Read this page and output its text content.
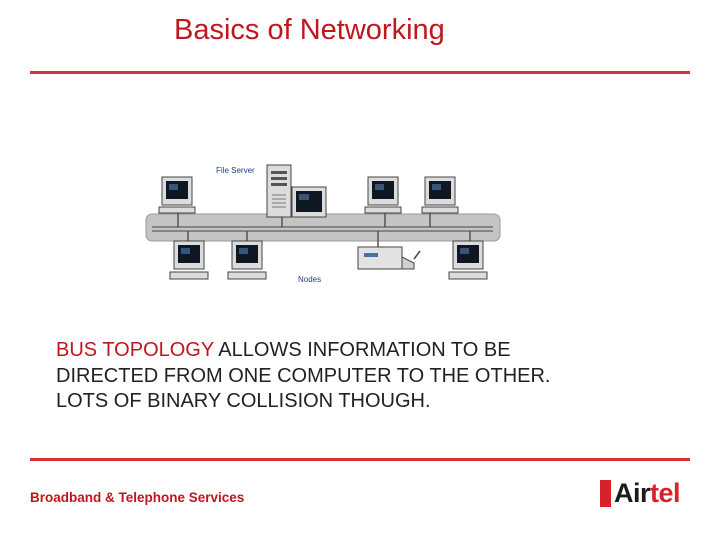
Basics of Networking
File Server
Nodes
BUS TOPOLOGY ALLOWS INFORMATION TO BE
DIRECTED FROM ONE COMPUTER TO THE OTHER.
LOTS OF BINARY COLLISION THOUGH.
Broadband & Telephone Services	Airtel
